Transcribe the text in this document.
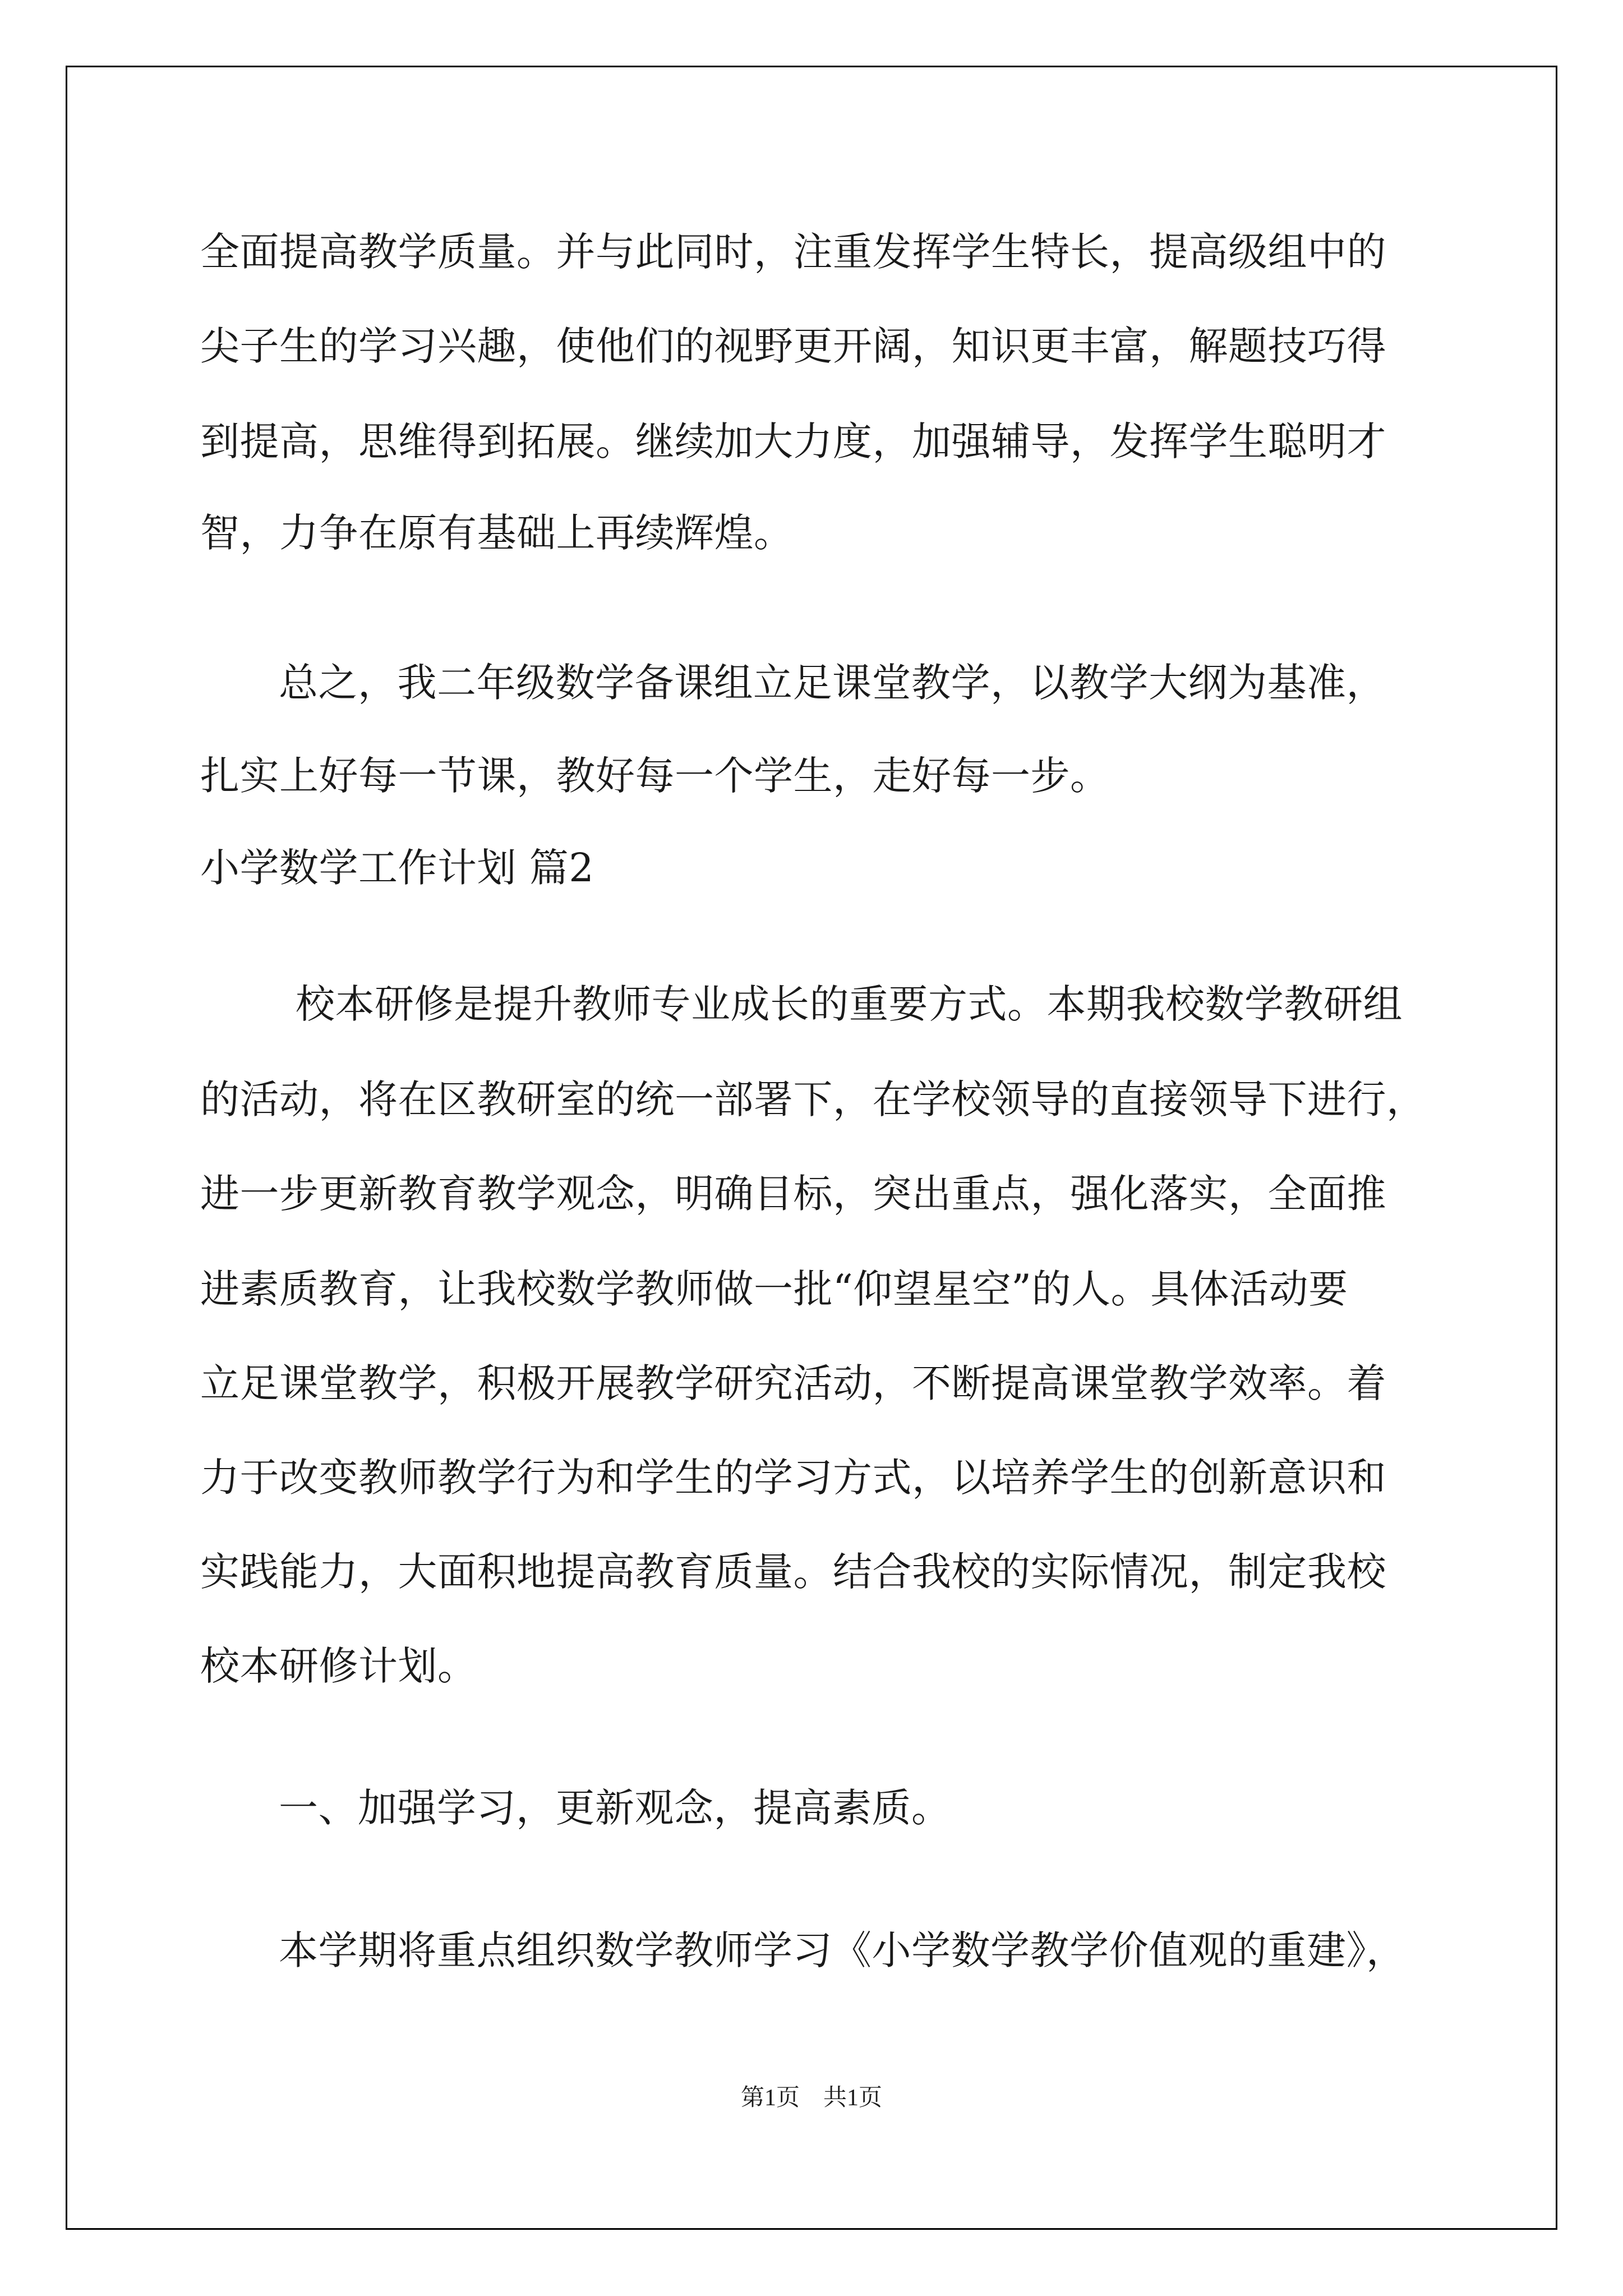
全面提高教学质量。并与此同时，注重发挥学生特长，提高级组中的
尖子生的学习兴趣，使他们的视野更开阔，知识更丰富，解题技巧得
到提高，思维得到拓展。继续加大力度，加强辅导，发挥学生聪明才
智，力争在原有基础上再续辉煌。
总之，我二年级数学备课组立足课堂教学，以教学大纲为基准，
扎实上好每一节课，教好每一个学生，走好每一步。
小学数学工作计划 篇2
校本研修是提升教师专业成长的重要方式。本期我校数学教研组
的活动，将在区教研室的统一部署下，在学校领导的直接领导下进行，
进一步更新教育教学观念，明确目标，突出重点，强化落实，全面推
进素质教育，让我校数学教师做一批“仰望星空”的人。具体活动要
立足课堂教学，积极开展教学研究活动，不断提高课堂教学效率。着
力于改变教师教学行为和学生的学习方式，以培养学生的创新意识和
实践能力，大面积地提高教育质量。结合我校的实际情况，制定我校
校本研修计划。
一、加强学习，更新观念，提高素质。
本学期将重点组织数学教师学习《小学数学教学价值观的重建》，
第1页　共1页
